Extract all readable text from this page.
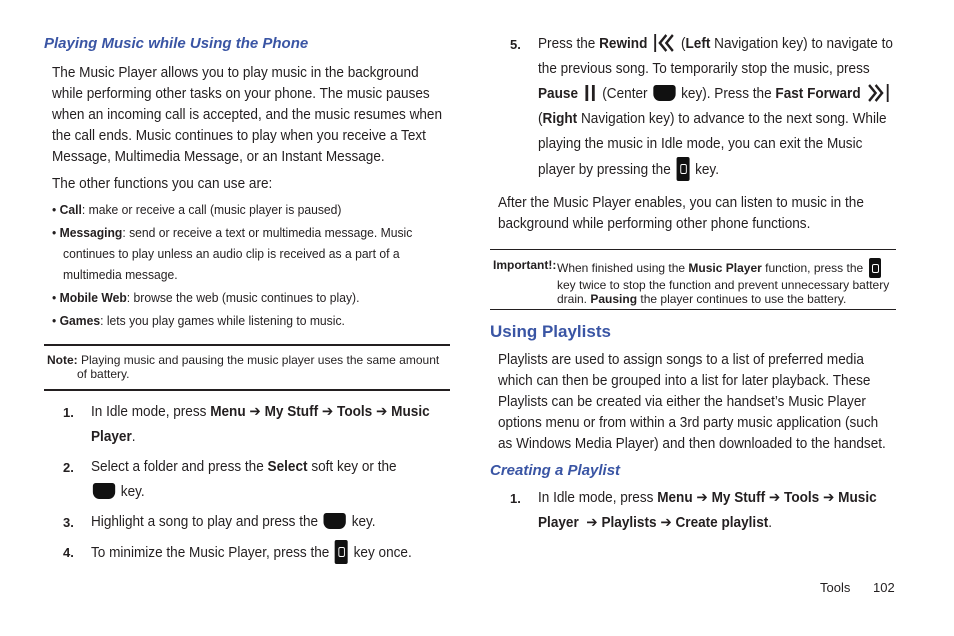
Playing Music while Using the Phone
The Music Player allows you to play music in the background
while performing other tasks on your phone. The music pauses
when an incoming call is accepted, and the music resumes when
the call ends. Music continues to play when you receive a Text
Message, Multimedia Message, or an Instant Message.
The other functions you can use are:
• Call: make or receive a call (music player is paused)
• Messaging: send or receive a text or multimedia message. Music
continues to play unless an audio clip is received as a part of a
multimedia message.
• Mobile Web: browse the web (music continues to play).
• Games: lets you play games while listening to music.
Note: Playing music and pausing the music player uses the same amount
of battery.
1. In Idle mode, press Menu ➔ My Stuff ➔ Tools ➔ Music
Player.
2. Select a folder and press the Select soft key or the
key.
3. Highlight a song to play and press the  key.
4. To minimize the Music Player, press the  key once.
5. Press the Rewind  (Left Navigation key) to navigate to
the previous song. To temporarily stop the music, press
Pause  (Center  key). Press the Fast Forward
(Right Navigation key) to advance to the next song. While
playing the music in Idle mode, you can exit the Music
player by pressing the  key.
After the Music Player enables, you can listen to music in the
background while performing other phone functions.
Important!: When finished using the Music Player function, press the
key twice to stop the function and prevent unnecessary battery
drain. Pausing the player continues to use the battery.
Using Playlists
Playlists are used to assign songs to a list of preferred media
which can then be grouped into a list for later playback. These
Playlists can be created via either the handset’s Music Player
options menu or from within a 3rd party music application (such
as Windows Media Player) and then downloaded to the handset.
Creating a Playlist
1. In Idle mode, press Menu ➔ My Stuff ➔ Tools ➔ Music
Player ➔ Playlists ➔ Create playlist.
Tools 102
